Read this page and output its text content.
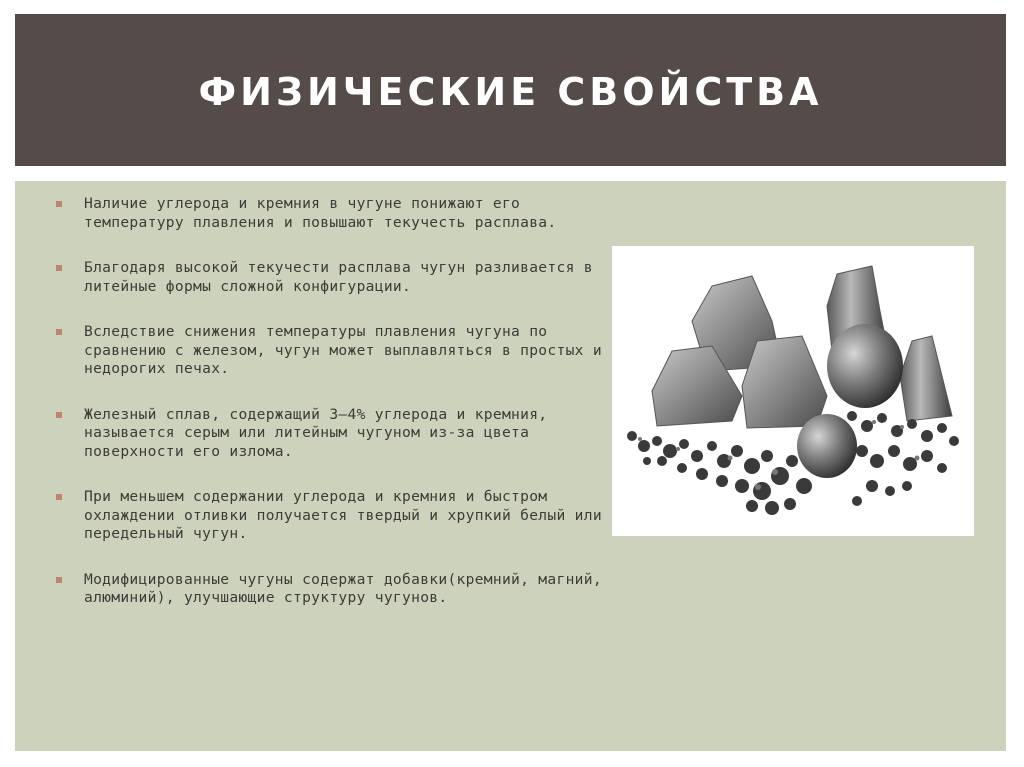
ФИЗИЧЕСКИЕ СВОЙСТВА
Наличие углерода и кремния в чугуне понижают его температуру плавления и повышают текучесть расплава.
Благодаря высокой текучести расплава чугун разливается в литейные формы сложной конфигурации.
Вследствие снижения температуры плавления чугуна по сравнению с железом, чугун может выплавляться в простых и недорогих печах.
Железный сплав, содержащий 3–4% углерода и кремния, называется серым или литейным чугуном из-за цвета поверхности его излома.
При меньшем содержании углерода и кремния и быстром охлаждении отливки получается твердый и хрупкий белый или передельный чугун.
Модифицированные чугуны содержат добавки(кремний, магний, алюминий), улучшающие структуру чугунов.
